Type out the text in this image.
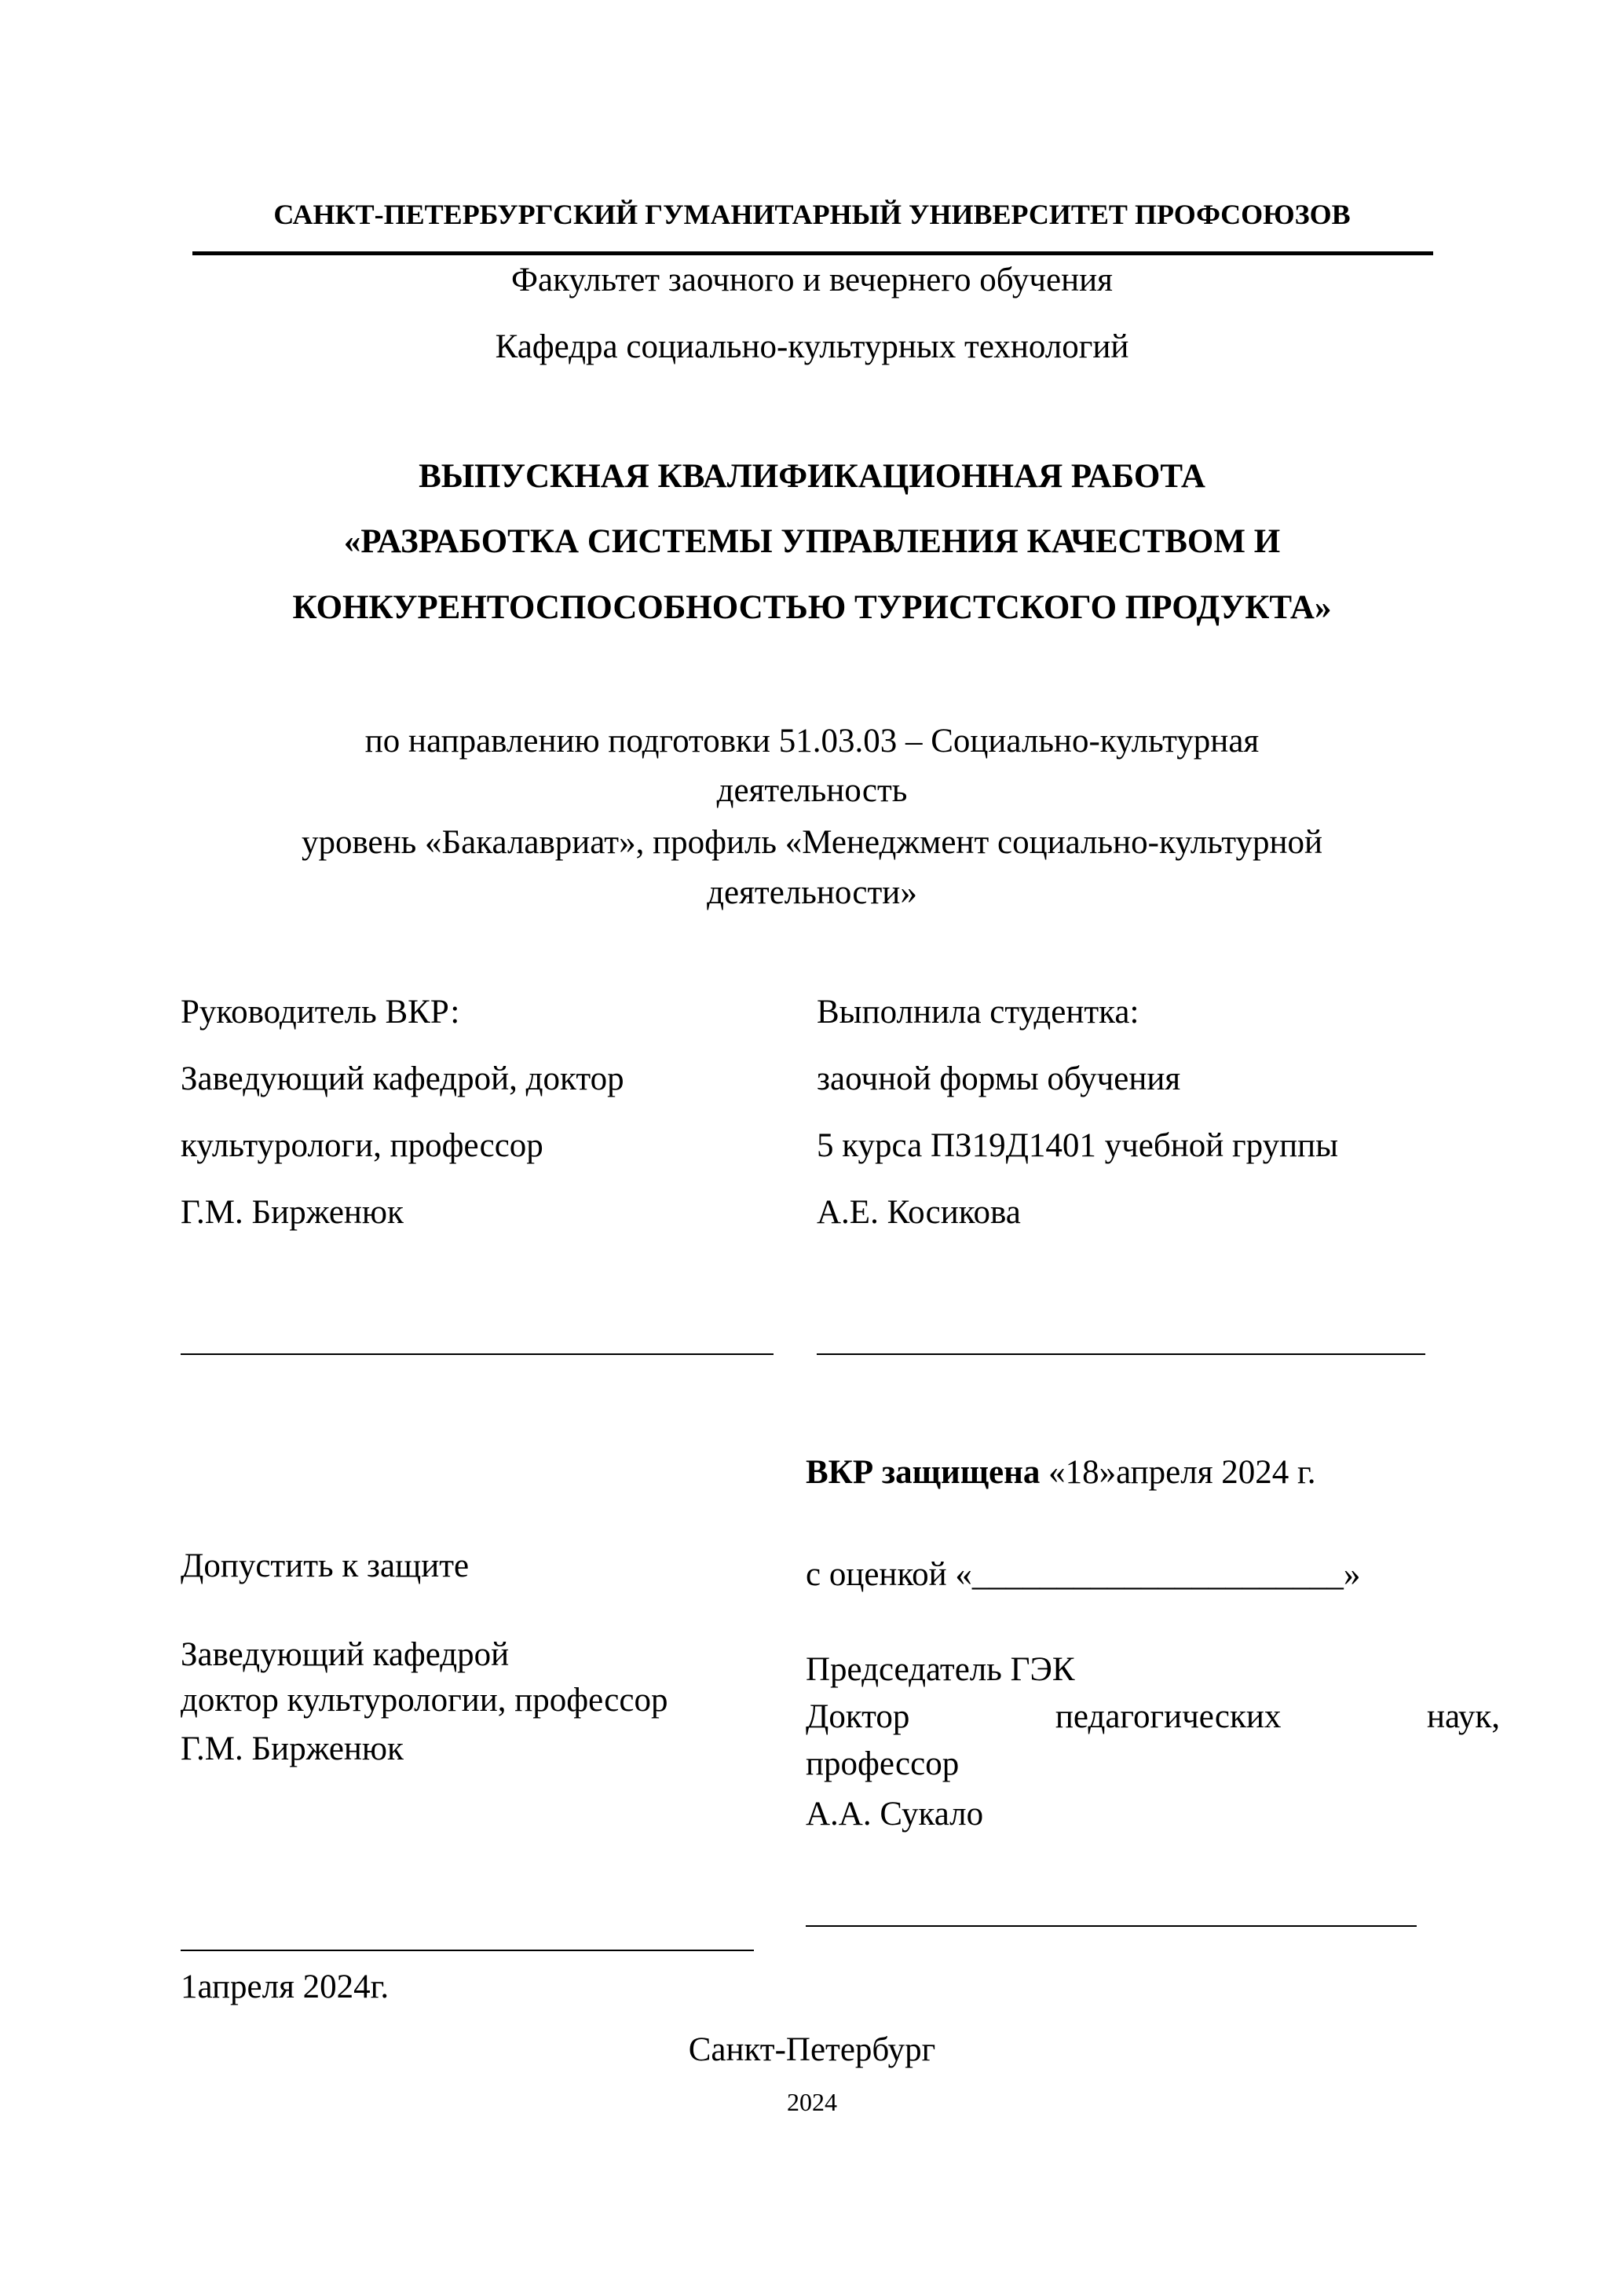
САНКТ-ПЕТЕРБУРГСКИЙ ГУМАНИТАРНЫЙ УНИВЕРСИТЕТ ПРОФСОЮЗОВ
Факультет заочного и вечернего обучения
Кафедра социально-культурных технологий
ВЫПУСКНАЯ КВАЛИФИКАЦИОННАЯ РАБОТА
«РАЗРАБОТКА СИСТЕМЫ УПРАВЛЕНИЯ КАЧЕСТВОМ И
КОНКУРЕНТОСПОСОБНОСТЬЮ ТУРИСТСКОГО ПРОДУКТА»
по направлению подготовки 51.03.03 – Социально-культурная
деятельность
уровень «Бакалавриат», профиль «Менеджмент социально-культурной
деятельности»
Руководитель ВКР:
Заведующий кафедрой, доктор
культурологи, профессор
Г.М. Бирженюк
Выполнила студентка:
заочной формы обучения
5 курса ПЗ19Д1401 учебной группы
А.Е. Косикова
ВКР защищена «18»апреля 2024 г.
с оценкой «______________________»
Допустить к защите
Заведующий кафедрой
доктор культурологии, профессор
Г.М. Бирженюк
1апреля 2024г.
Председатель ГЭК
Доктор	педагогических	наук,
профессор
А.А. Сукало
Санкт-Петербург
2024
